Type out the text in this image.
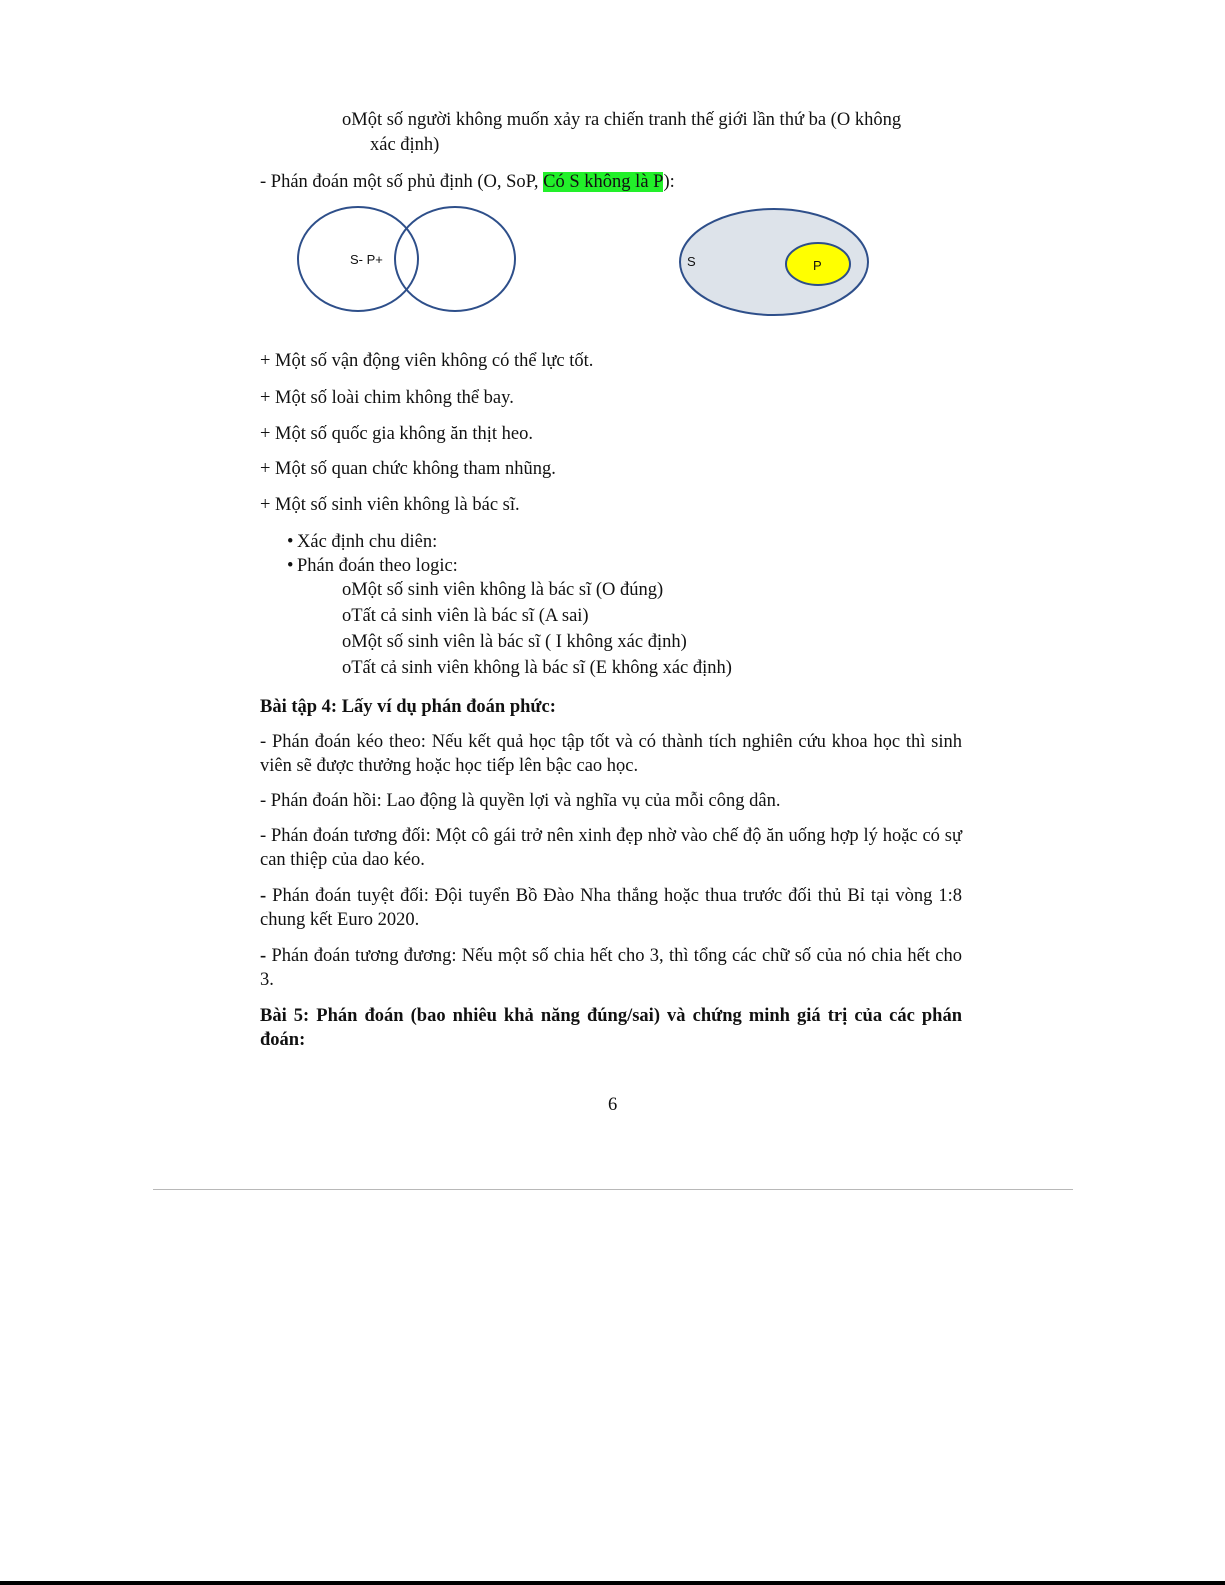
oMột số người không muốn xảy ra chiến tranh thế giới lần thứ ba (O không
xác định)
- Phán đoán một số phủ định (O, SoP, Có S không là P):
S- P+	S	P
+ Một số vận động viên không có thể lực tốt.
+ Một số loài chim không thể bay.
+ Một số quốc gia không ăn thịt heo.
+ Một số quan chức không tham nhũng.
+ Một số sinh viên không là bác sĩ.
• Xác định chu diên:
• Phán đoán theo logic:
oMột số sinh viên không là bác sĩ (O đúng)
oTất cả sinh viên là bác sĩ (A sai)
oMột số sinh viên là bác sĩ ( I không xác định)
oTất cả sinh viên không là bác sĩ (E không xác định)
Bài tập 4: Lấy ví dụ phán đoán phức:
- Phán đoán kéo theo: Nếu kết quả học tập tốt và có thành tích nghiên cứu khoa học thì sinh viên sẽ được thưởng hoặc học tiếp lên bậc cao học.
- Phán đoán hồi: Lao động là quyền lợi và nghĩa vụ của mỗi công dân.
- Phán đoán tương đối: Một cô gái trở nên xinh đẹp nhờ vào chế độ ăn uống hợp lý hoặc có sự can thiệp của dao kéo.
- Phán đoán tuyệt đối: Đội tuyển Bồ Đào Nha thắng hoặc thua trước đối thủ Bỉ tại vòng 1:8 chung kết Euro 2020.
- Phán đoán tương đương: Nếu một số chia hết cho 3, thì tổng các chữ số của nó chia hết cho 3.
Bài 5: Phán đoán (bao nhiêu khả năng đúng/sai) và chứng minh giá trị của các phán đoán:
6
